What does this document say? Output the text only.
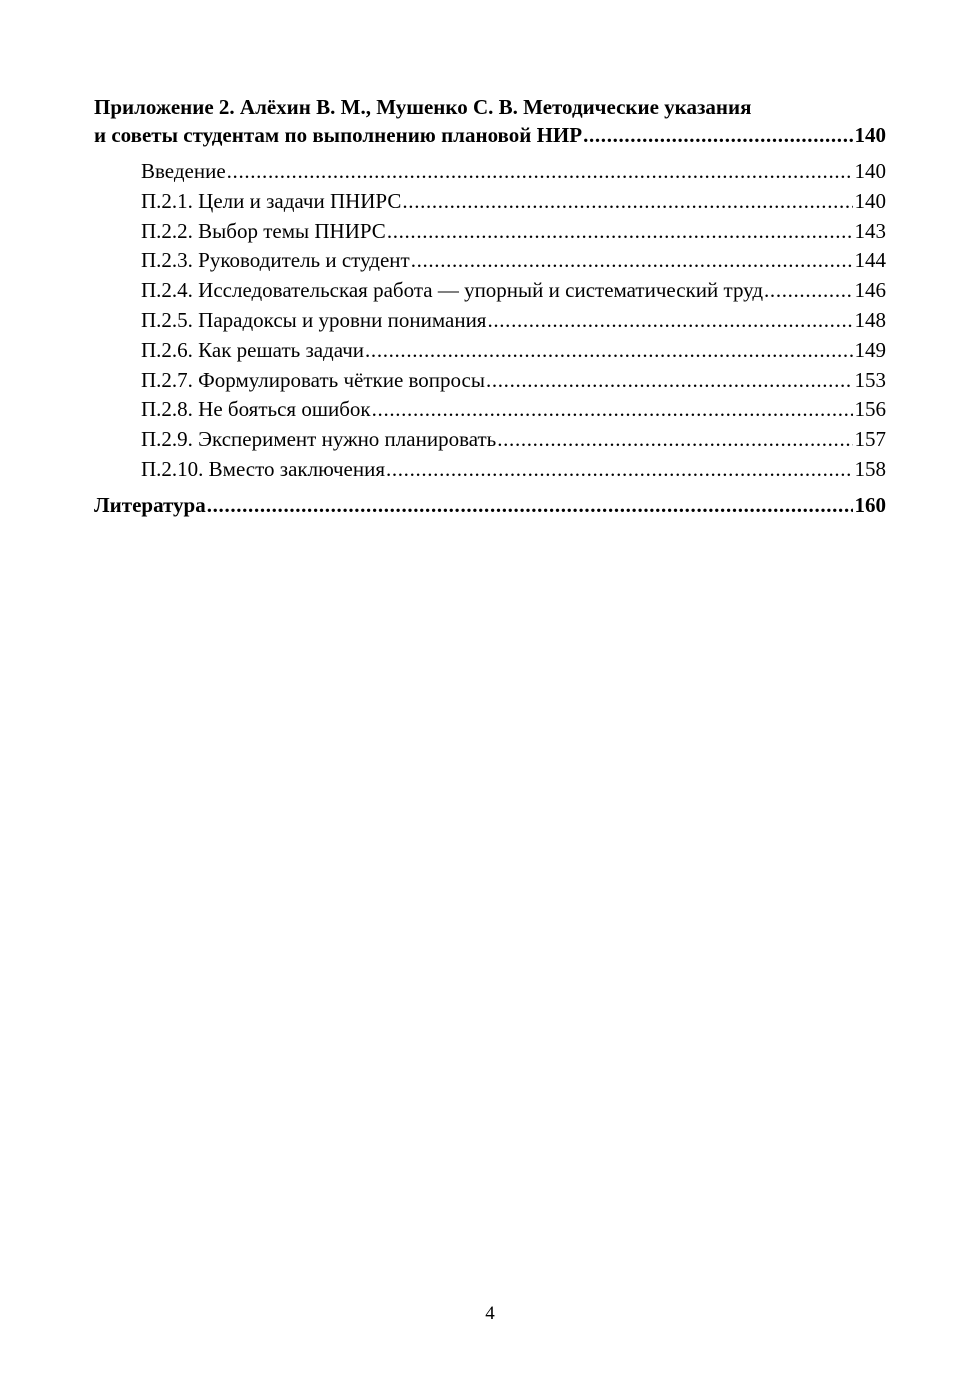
Приложение 2. Алёхин В. М., Мушенко С. В. Методические указания
и советы студентам по выполнению плановой НИР . . .	140
Введение . . .	140
П.2.1. Цели и задачи ПНИРС . . .	140
П.2.2. Выбор темы ПНИРС . . .	143
П.2.3. Руководитель и студент . . .	144
П.2.4. Исследовательская работа — упорный и систематический труд . . .	146
П.2.5. Парадоксы и уровни понимания . . .	148
П.2.6. Как решать задачи . . .	149
П.2.7. Формулировать чёткие вопросы . . .	153
П.2.8. Не бояться ошибок . . .	156
П.2.9. Эксперимент нужно планировать . . .	157
П.2.10. Вместо заключения . . .	158
Литература . . .	160
4
